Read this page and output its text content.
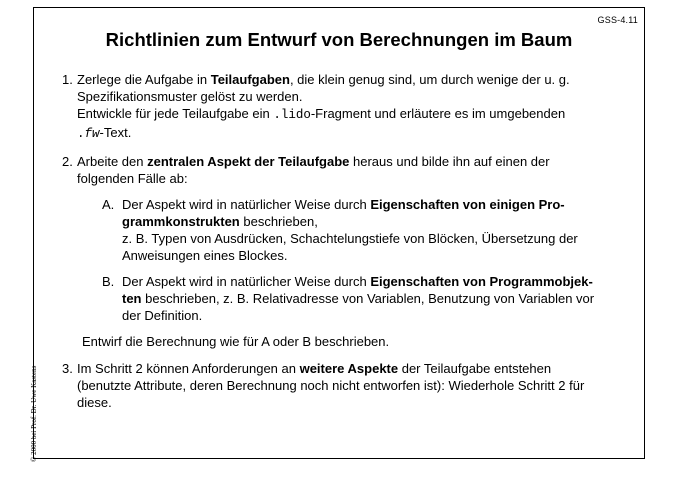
GSS-4.11
Richtlinien zum Entwurf von Berechnungen im Baum
© 2000 bei Prof. Dr. Uwe Kastens
1. Zerlege die Aufgabe in Teilaufgaben, die klein genug sind, um durch wenige der u. g.
Spezifikationsmuster gelöst zu werden.
Entwickle für jede Teilaufgabe ein .lido-Fragment und erläutere es im umgebenden
.fw-Text.
2. Arbeite den zentralen Aspekt der Teilaufgabe heraus und bilde ihn auf einen der
folgenden Fälle ab:
A. Der Aspekt wird in natürlicher Weise durch Eigenschaften von einigen Pro-
grammkonstrukten beschrieben,
z. B. Typen von Ausdrücken, Schachtelungstiefe von Blöcken, Übersetzung der
Anweisungen eines Blockes.
B. Der Aspekt wird in natürlicher Weise durch Eigenschaften von Programmobjek-
ten beschrieben, z. B. Relativadresse von Variablen, Benutzung von Variablen vor
der Definition.
Entwirf die Berechnung wie für A oder B beschrieben.
3. Im Schritt 2 können Anforderungen an weitere Aspekte der Teilaufgabe entstehen
(benutzte Attribute, deren Berechnung noch nicht entworfen ist): Wiederhole Schritt 2 für
diese.
